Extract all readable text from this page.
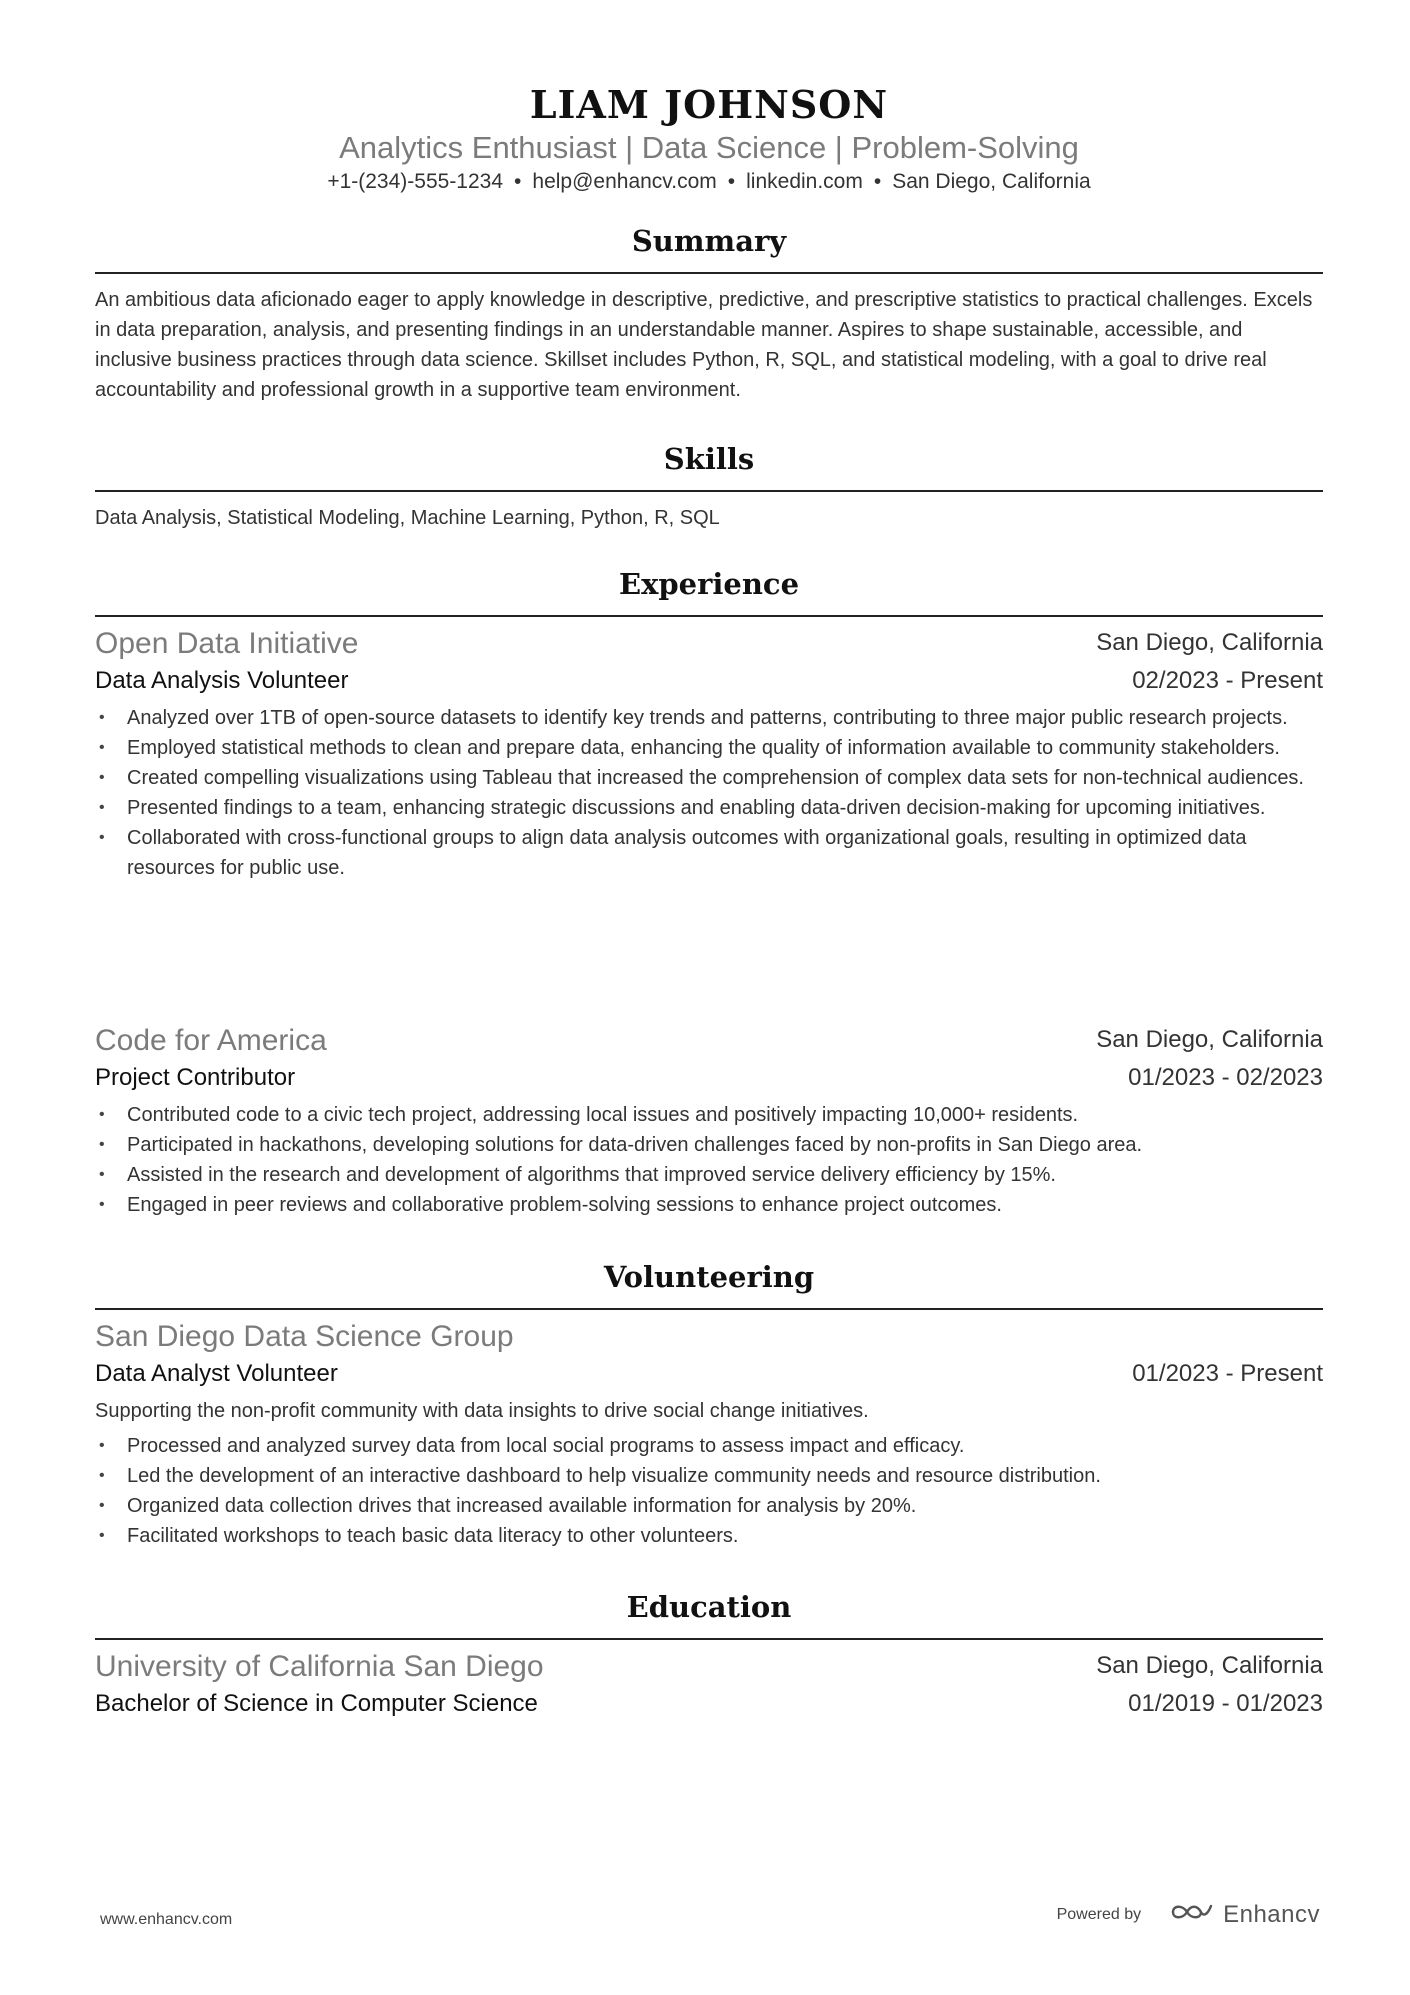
LIAM JOHNSON
Analytics Enthusiast | Data Science | Problem-Solving
+1-(234)-555-1234 • help@enhancv.com • linkedin.com • San Diego, California
Summary
An ambitious data aficionado eager to apply knowledge in descriptive, predictive, and prescriptive statistics to practical challenges. Excels in data preparation, analysis, and presenting findings in an understandable manner. Aspires to shape sustainable, accessible, and inclusive business practices through data science. Skillset includes Python, R, SQL, and statistical modeling, with a goal to drive real accountability and professional growth in a supportive team environment.
Skills
Data Analysis, Statistical Modeling, Machine Learning, Python, R, SQL
Experience
Open Data Initiative	San Diego, California
Data Analysis Volunteer	02/2023 - Present
• Analyzed over 1TB of open-source datasets to identify key trends and patterns, contributing to three major public research projects.
• Employed statistical methods to clean and prepare data, enhancing the quality of information available to community stakeholders.
• Created compelling visualizations using Tableau that increased the comprehension of complex data sets for non-technical audiences.
• Presented findings to a team, enhancing strategic discussions and enabling data-driven decision-making for upcoming initiatives.
• Collaborated with cross-functional groups to align data analysis outcomes with organizational goals, resulting in optimized data resources for public use.
Code for America	San Diego, California
Project Contributor	01/2023 - 02/2023
• Contributed code to a civic tech project, addressing local issues and positively impacting 10,000+ residents.
• Participated in hackathons, developing solutions for data-driven challenges faced by non-profits in San Diego area.
• Assisted in the research and development of algorithms that improved service delivery efficiency by 15%.
• Engaged in peer reviews and collaborative problem-solving sessions to enhance project outcomes.
Volunteering
San Diego Data Science Group
Data Analyst Volunteer	01/2023 - Present
Supporting the non-profit community with data insights to drive social change initiatives.
• Processed and analyzed survey data from local social programs to assess impact and efficacy.
• Led the development of an interactive dashboard to help visualize community needs and resource distribution.
• Organized data collection drives that increased available information for analysis by 20%.
• Facilitated workshops to teach basic data literacy to other volunteers.
Education
University of California San Diego	San Diego, California
Bachelor of Science in Computer Science	01/2019 - 01/2023
www.enhancv.com	Powered by	Enhancv
